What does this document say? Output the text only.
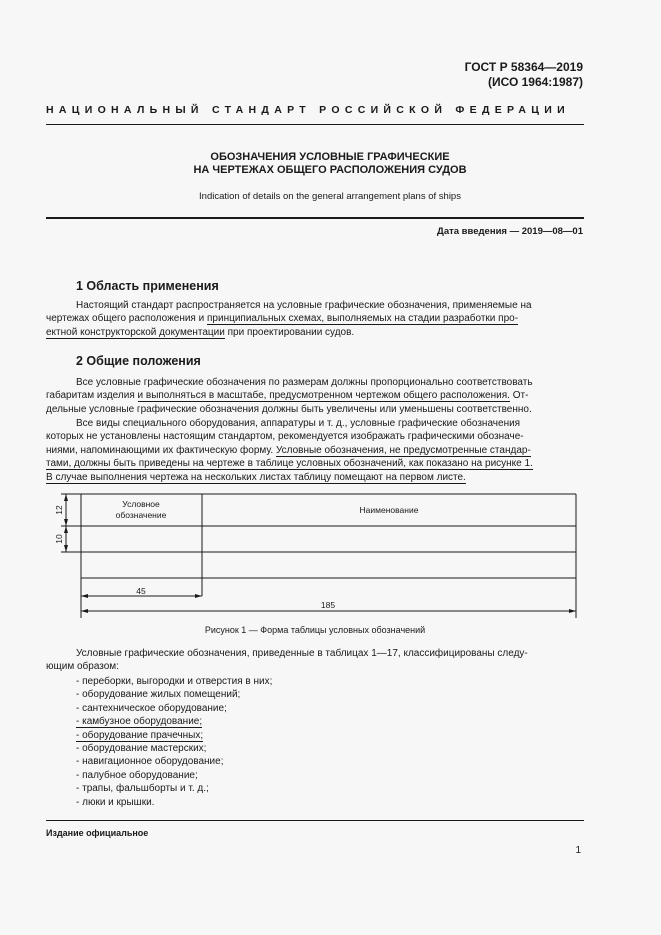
ГОСТ Р 58364—2019
(ИСО 1964:1987)
НАЦИОНАЛЬНЫЙ СТАНДАРТ РОССИЙСКОЙ ФЕДЕРАЦИИ
ОБОЗНАЧЕНИЯ УСЛОВНЫЕ ГРАФИЧЕСКИЕ
НА ЧЕРТЕЖАХ ОБЩЕГО РАСПОЛОЖЕНИЯ СУДОВ
Indication of details on the general arrangement plans of ships
Дата введения — 2019—08—01
1 Область применения
Настоящий стандарт распространяется на условные графические обозначения, применяемые на
чертежах общего расположения и принципиальных схемах, выполняемых на стадии разработки про-
ектной конструкторской документации при проектировании судов.
2 Общие положения
Все условные графические обозначения по размерам должны пропорционально соответствовать
габаритам изделия и выполняться в масштабе, предусмотренном чертежом общего расположения. От-
дельные условные графические обозначения должны быть увеличены или уменьшены соответственно.
Все виды специального оборудования, аппаратуры и т. д., условные графические обозначения
которых не установлены настоящим стандартом, рекомендуется изображать графическими обозначе-
ниями, напоминающими их фактическую форму. Условные обозначения, не предусмотренные стандар-
тами, должны быть приведены на чертеже в таблице условных обозначений, как показано на рисунке 1.
В случае выполнения чертежа на нескольких листах таблицу помещают на первом листе.
Условное
обозначение	Наименование
45
185
12
10
Рисунок 1 — Форма таблицы условных обозначений
Условные графические обозначения, приведенные в таблицах 1—17, классифицированы следу-
ющим образом:
- переборки, выгородки и отверстия в них;
- оборудование жилых помещений;
- сантехническое оборудование;
- камбузное оборудование;
- оборудование прачечных;
- оборудование мастерских;
- навигационное оборудование;
- палубное оборудование;
- трапы, фальшборты и т. д.;
- люки и крышки.
Издание официальное
1
